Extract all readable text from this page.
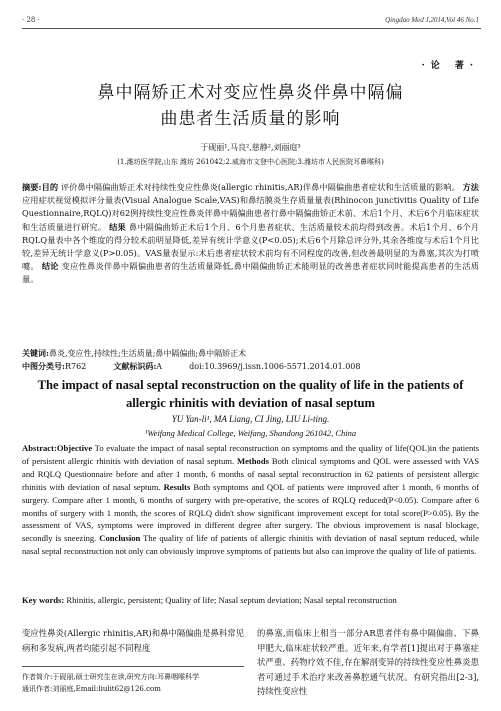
· 28 ·	Qingdao Med J,2014,Vol 46 No.1
·论 著·
鼻中隔矫正术对变应性鼻炎伴鼻中隔偏曲患者生活质量的影响
于砚丽¹,马良²,慈静²,刘丽庭³
(1.潍坊医学院,山东 潍坊 261042;2.威海市文登中心医院;3.潍坊市人民医院耳鼻喉科)
摘要:目的 评价鼻中隔偏曲矫正术对持续性变应性鼻炎(allergic rhinitis,AR)伴鼻中隔偏曲患者症状和生活质量的影响。 方法 应用症状视觉模拟评分量表(Visual Analogue Scale,VAS)和鼻结膜炎生存质量量表(Rhinocon junctivitis Quality of Life Questionnaire,RQLQ)对62例持续性变应性鼻炎伴鼻中隔偏曲患者行鼻中隔偏曲矫正术前、术后1个月、术后6个月临床症状和生活质量进行研究。 结果 鼻中隔偏曲矫正术后1个月、6个月患者症状、生活质量较术前均得到改善。术后1个月、6个月RQLQ量表中各个维度的得分较术前明显降低,差异有统计学意义(P<0.05);术后6个月除总评分外,其余各维度与术后1个月比较,差异无统计学意义(P>0.05)。VAS量表显示:术后患者症状较术前均有不同程度的改善,但改善最明显的为鼻塞,其次为打喷嚏。 结论 变应性鼻炎伴鼻中隔偏曲患者的生活质量降低,鼻中隔偏曲矫正术能明显的改善患者症状同时能提高患者的生活质量。
关键词:鼻炎,变应性,持续性;生活质量;鼻中隔偏曲;鼻中隔矫正术
中图分类号:R762	文献标识码:A	doi:10.3969/j.issn.1006-5571.2014.01.008
The impact of nasal septal reconstruction on the quality of life in the patients of allergic rhinitis with deviation of nasal septum
YU Yan-li¹, MA Liang, CI Jing, LIU Li-ting.
¹Weifang Medical College, Weifang, Shandong 261042, China
Abstract:Objective To evaluate the impact of nasal septal reconstruction on symptoms and the quality of life(QOL)in the patients of persistent allergic rhinitis with deviation of nasal septum. Methods Both clinical symptoms and QOL were assessed with VAS and RQLQ Questionnaire before and after 1 month, 6 months of nasal septal reconstruction in 62 patients of persistent allergic rhinitis with deviation of nasal septum. Results Both symptoms and QOL of patients were improved after 1 month, 6 months of surgery. Compare after 1 month, 6 months of surgery with pre-operative, the scores of RQLQ reduced(P<0.05). Compare after 6 months of surgery with 1 month, the scores of RQLQ didn't show significant improvement except for total score(P>0.05). By the assessment of VAS, symptoms were improved in different degree after surgery. The obvious improvement is nasal blockage, secondly is sneezing. Conclusion The quality of life of patients of allergic rhinitis with deviation of nasal septum reduced, while nasal septal reconstruction not only can obviously improve symptoms of patients but also can improve the quality of life of patients.
Key words: Rhinitis, allergic, persistent; Quality of life; Nasal septum deviation; Nasal septal reconstruction
变应性鼻炎(Allergic rhinitis,AR)和鼻中隔偏曲是鼻科常见病和多发病,两者均能引起不同程度
的鼻塞,而临床上相当一部分AR患者伴有鼻中隔偏曲、下鼻甲肥大,临床症状较严重。近年来,有学者[1]提出对于鼻塞症状严重、药物疗效不佳,存在解剖变异的持续性变应性鼻炎患者可通过手术治疗来改善鼻腔通气状况。有研究指出[2-3],持续性变应性
作者简介:于砚丽,硕士研究生在读,研究方向:耳鼻咽喉科学
通讯作者:刘丽庭,Email:liulit62@126.com
